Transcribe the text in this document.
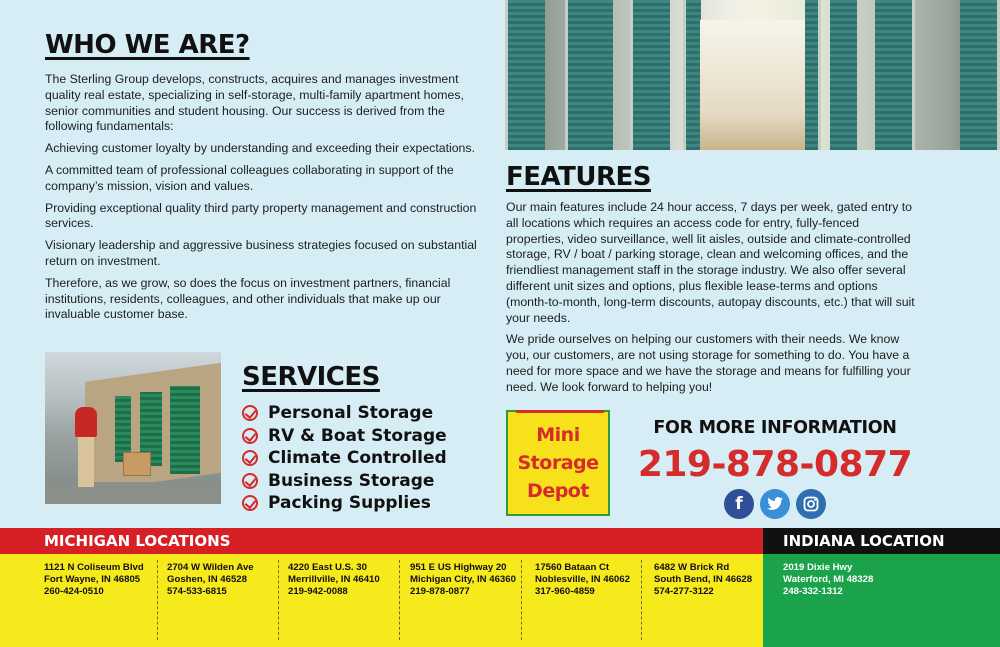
WHO WE ARE?

The Sterling Group develops, constructs, acquires and manages investment quality real estate, specializing in self-storage, multi-family apartment homes, senior communities and student housing. Our success is derived from the following fundamentals:

Achieving customer loyalty by understanding and exceeding their expectations.

A committed team of professional colleagues collaborating in support of the company’s mission, vision and values.

Providing exceptional quality third party property management and construction services.

Visionary leadership and aggressive business strategies focused on substantial return on investment.

Therefore, as we grow, so does the focus on investment partners, financial institutions, residents, colleagues, and other individuals that make up our invaluable customer base.

FEATURES

Our main features include 24 hour access, 7 days per week, gated entry to all locations which requires an access code for entry, fully-fenced properties, video surveillance, well lit aisles, outside and climate-controlled storage, RV / boat / parking storage, clean and welcoming offices, and the friendliest management staff in the storage industry. We also offer several different unit sizes and options, plus flexible lease-terms and options (month-to-month, long-term discounts, autopay discounts, etc.) that will suit your needs.

We pride ourselves on helping our customers with their needs. We know you, our customers, are not using storage for something to do. You have a need for more space and we have the storage and means for fulfilling your need. We look forward to helping you!

SERVICES
Personal Storage
RV & Boat Storage
Climate Controlled
Business Storage
Packing Supplies
Mini
Storage
Depot
FOR MORE INFORMATION
219-878-0877
f
MICHIGAN LOCATIONS	INDIANA LOCATION
1121 N Coliseum Blvd
Fort Wayne, IN 46805
260-424-0510
2704 W Wilden Ave
Goshen, IN 46528
574-533-6815
4220 East U.S. 30
Merrillville, IN 46410
219-942-0088
951 E US Highway 20
Michigan City, IN 46360
219-878-0877
17560 Bataan Ct
Noblesville, IN 46062
317-960-4859
6482 W Brick Rd
South Bend, IN 46628
574-277-3122
2019 Dixie Hwy
Waterford, MI 48328
248-332-1312
